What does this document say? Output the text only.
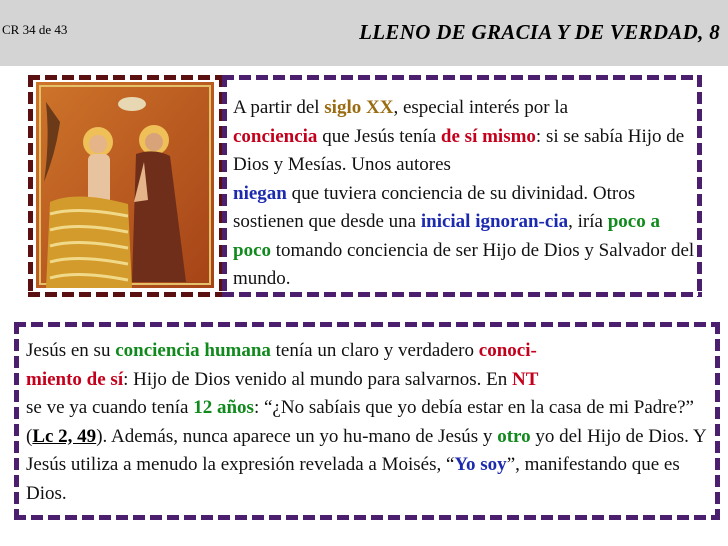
CR 34 de 43	LLENO DE GRACIA Y DE VERDAD, 8
A partir del siglo XX, especial interés por la
conciencia que Jesús tenía de sí mismo: si se sabía Hijo de Dios y Mesías. Unos autores
niegan que tuviera conciencia de su divinidad. Otros sostienen que desde una inicial ignoran-cia, iría poco a poco tomando conciencia de ser Hijo de Dios y Salvador del mundo.
Jesús en su conciencia humana tenía un claro y verdadero conoci-
miento de sí: Hijo de Dios venido al mundo para salvarnos. En NT
se ve ya cuando tenía 12 años: “¿No sabíais que yo debía estar en la casa de mi Padre?” (Lc 2, 49). Además, nunca aparece un yo hu-mano de Jesús y otro yo del Hijo de Dios. Y Jesús utiliza a menudo la expresión revelada a Moisés, “Yo soy”, manifestando que es Dios.
